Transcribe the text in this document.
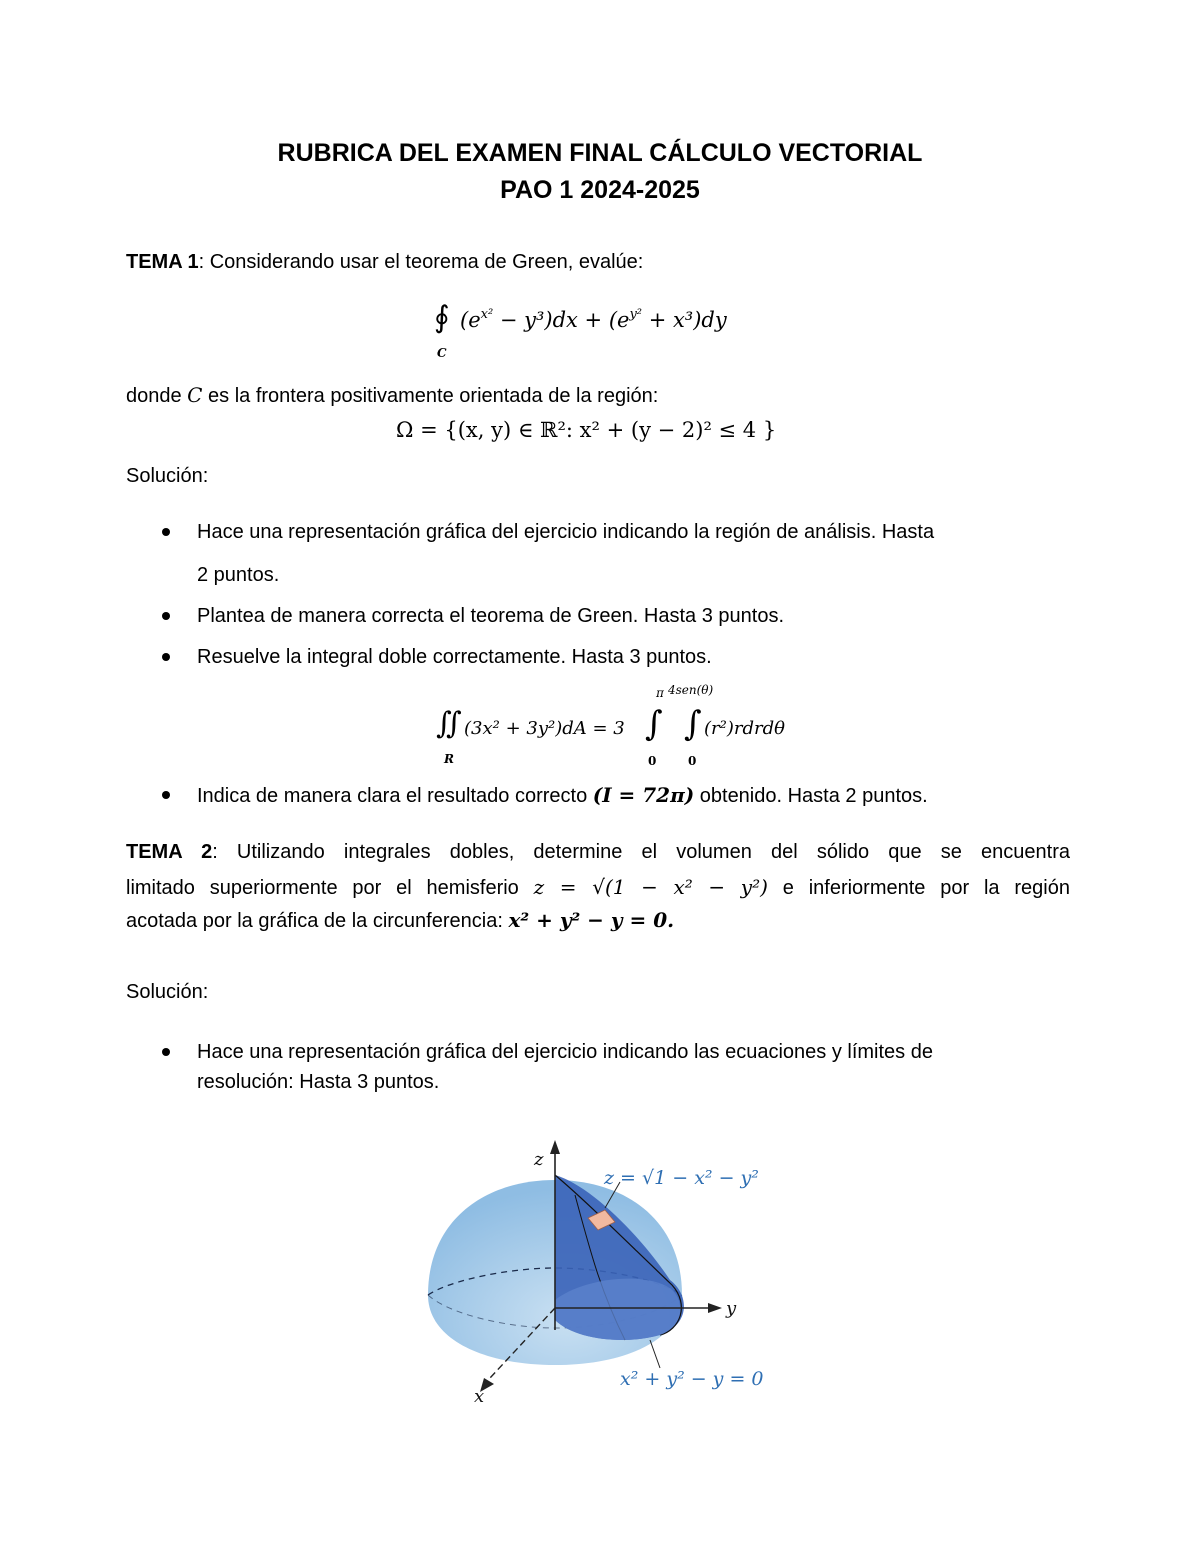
RUBRICA DEL EXAMEN FINAL CÁLCULO VECTORIAL
PAO 1 2024-2025
TEMA 1: Considerando usar el teorema de Green, evalúe:
∮
C
$(e^{x^2} - y^3)dx + (e^{y^2} + x^3)dy$
donde C es la frontera positivamente orientada de la región:
Ω = {(x, y) ∈ ℝ²: x² + (y − 2)² ≤ 4 }
Solución:
Hace una representación gráfica del ejercicio indicando la región de análisis. Hasta
2 puntos.
Plantea de manera correcta el teorema de Green. Hasta 3 puntos.
Resuelve la integral doble correctamente. Hasta 3 puntos.
∬
R
(3x² + 3y²)dA = 3
π 4sen(θ)
∫ ∫
0	0
(r²)rdrdθ
Indica de manera clara el resultado correcto (I = 72π) obtenido. Hasta 2 puntos.
TEMA 2: Utilizando integrales dobles, determine el volumen del sólido que se encuentra
limitado superiormente por el hemisferio z = √(1 − x² − y²) e inferiormente por la región
acotada por la gráfica de la circunferencia: x² + y² − y = 0.
Solución:
Hace una representación gráfica del ejercicio indicando las ecuaciones y límites de
resolución: Hasta 3 puntos.
z
y
x
z = √1 − x² − y²
x² + y² − y = 0
